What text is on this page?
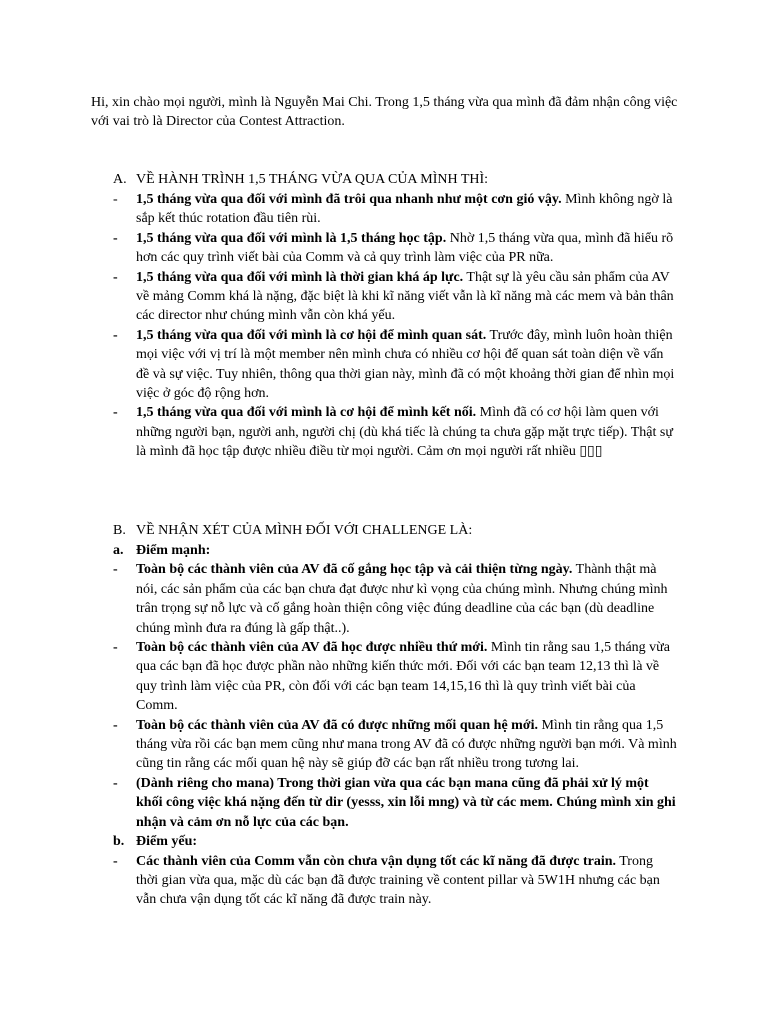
Hi, xin chào mọi người, mình là Nguyễn Mai Chi. Trong 1,5 tháng vừa qua mình đã đảm nhận công việc với vai trò là Director của Contest Attraction.

A. VỀ HÀNH TRÌNH 1,5 THÁNG VỪA QUA CỦA MÌNH THÌ:
- 1,5 tháng vừa qua đối với mình đã trôi qua nhanh như một cơn gió vậy. Mình không ngờ là sắp kết thúc rotation đầu tiên rùi.
- 1,5 tháng vừa qua đối với mình là 1,5 tháng học tập. Nhờ 1,5 tháng vừa qua, mình đã hiểu rõ hơn các quy trình viết bài của Comm và cả quy trình làm việc của PR nữa.
- 1,5 tháng vừa qua đối với mình là thời gian khá áp lực. Thật sự là yêu cầu sản phẩm của AV về mảng Comm khá là nặng, đặc biệt là khi kĩ năng viết vẫn là kĩ năng mà các mem và bản thân các director như chúng mình vẫn còn khá yếu.
- 1,5 tháng vừa qua đối với mình là cơ hội để mình quan sát. Trước đây, mình luôn hoàn thiện mọi việc với vị trí là một member nên mình chưa có nhiều cơ hội để quan sát toàn diện về vấn đề và sự việc. Tuy nhiên, thông qua thời gian này, mình đã có một khoảng thời gian để nhìn mọi việc ở góc độ rộng hơn.
- 1,5 tháng vừa qua đối với mình là cơ hội để mình kết nối. Mình đã có cơ hội làm quen với những người bạn, người anh, người chị (dù khá tiếc là chúng ta chưa gặp mặt trực tiếp). Thật sự là mình đã học tập được nhiều điều từ mọi người. Cảm ơn mọi người rất nhiều ▯▯▯
B. VỀ NHẬN XÉT CỦA MÌNH ĐỐI VỚI CHALLENGE LÀ:
a. Điểm mạnh:
- Toàn bộ các thành viên của AV đã cố gắng học tập và cải thiện từng ngày. Thành thật mà nói, các sản phẩm của các bạn chưa đạt được như kì vọng của chúng mình. Nhưng chúng mình trân trọng sự nỗ lực và cố gắng hoàn thiện công việc đúng deadline của các bạn (dù deadline chúng mình đưa ra đúng là gấp thật..).
- Toàn bộ các thành viên của AV đã học được nhiều thứ mới. Mình tin rằng sau 1,5 tháng vừa qua các bạn đã học được phần nào những kiến thức mới. Đối với các bạn team 12,13 thì là về quy trình làm việc của PR, còn đối với các bạn team 14,15,16 thì là quy trình viết bài của Comm.
- Toàn bộ các thành viên của AV đã có được những mối quan hệ mới. Mình tin rằng qua 1,5 tháng vừa rồi các bạn mem cũng như mana trong AV đã có được những người bạn mới. Và mình cũng tin rằng các mối quan hệ này sẽ giúp đỡ các bạn rất nhiều trong tương lai.
- (Dành riêng cho mana) Trong thời gian vừa qua các bạn mana cũng đã phải xử lý một khối công việc khá nặng đến từ dir (yesss, xin lỗi mng) và từ các mem. Chúng mình xin ghi nhận và cảm ơn nỗ lực của các bạn.
b. Điểm yếu:
- Các thành viên của Comm vẫn còn chưa vận dụng tốt các kĩ năng đã được train. Trong thời gian vừa qua, mặc dù các bạn đã được training về content pillar và 5W1H nhưng các bạn vẫn chưa vận dụng tốt các kĩ năng đã được train này.
